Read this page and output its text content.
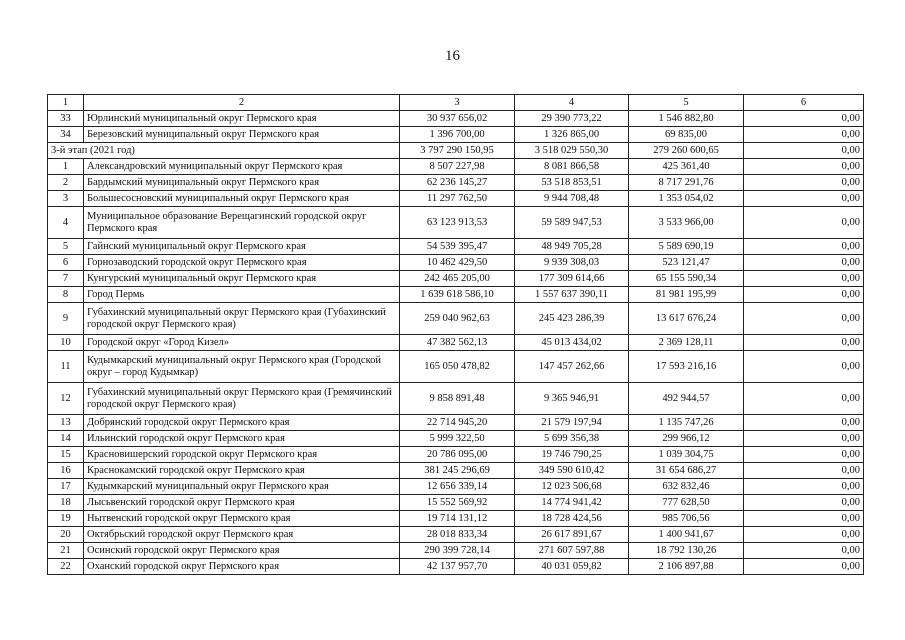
16
1	2	3	4	5	6
33	Юрлинский муниципальный округ Пермского края	30 937 656,02	29 390 773,22	1 546 882,80	0,00
34	Березовский муниципальный округ Пермского края	1 396 700,00	1 326 865,00	69 835,00	0,00
3-й этап (2021 год)		3 797 290 150,95	3 518 029 550,30	279 260 600,65	0,00
1	Александровский муниципальный округ Пермского края	8 507 227,98	8 081 866,58	425 361,40	0,00
2	Бардымский муниципальный округ Пермского края	62 236 145,27	53 518 853,51	8 717 291,76	0,00
3	Большесосновский муниципальный округ Пермского края	11 297 762,50	9 944 708,48	1 353 054,02	0,00
4	Муниципальное образование Верещагинский городской округ Пермского края	63 123 913,53	59 589 947,53	3 533 966,00	0,00
5	Гайнский муниципальный округ Пермского края	54 539 395,47	48 949 705,28	5 589 690,19	0,00
6	Горнозаводский городской округ Пермского края	10 462 429,50	9 939 308,03	523 121,47	0,00
7	Кунгурский муниципальный округ Пермского края	242 465 205,00	177 309 614,66	65 155 590,34	0,00
8	Город Пермь	1 639 618 586,10	1 557 637 390,11	81 981 195,99	0,00
9	Губахинский муниципальный округ Пермского края (Губахинский городской округ Пермского края)	259 040 962,63	245 423 286,39	13 617 676,24	0,00
10	Городской округ «Город Кизел»	47 382 562,13	45 013 434,02	2 369 128,11	0,00
11	Кудымкарский муниципальный округ Пермского края (Городской округ – город Кудымкар)	165 050 478,82	147 457 262,66	17 593 216,16	0,00
12	Губахинский муниципальный округ Пермского края (Гремячинский городской округ Пермского края)	9 858 891,48	9 365 946,91	492 944,57	0,00
13	Добрянский городской округ Пермского края	22 714 945,20	21 579 197,94	1 135 747,26	0,00
14	Ильинский городской округ Пермского края	5 999 322,50	5 699 356,38	299 966,12	0,00
15	Красновишерский городской округ Пермского края	20 786 095,00	19 746 790,25	1 039 304,75	0,00
16	Краснокамский городской округ Пермского края	381 245 296,69	349 590 610,42	31 654 686,27	0,00
17	Кудымкарский муниципальный округ Пермского края	12 656 339,14	12 023 506,68	632 832,46	0,00
18	Лысьвенский городской округ Пермского края	15 552 569,92	14 774 941,42	777 628,50	0,00
19	Нытвенский городской округ Пермского края	19 714 131,12	18 728 424,56	985 706,56	0,00
20	Октябрьский городской округ Пермского края	28 018 833,34	26 617 891,67	1 400 941,67	0,00
21	Осинский городской округ Пермского края	290 399 728,14	271 607 597,88	18 792 130,26	0,00
22	Оханский городской округ Пермского края	42 137 957,70	40 031 059,82	2 106 897,88	0,00
